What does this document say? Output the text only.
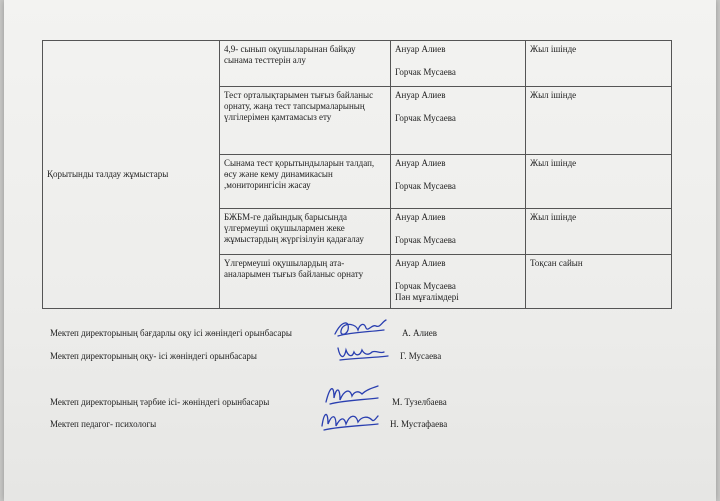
Қорытынды талдау жұмыстары	4,9- сынып оқушыларынан байқау сынама тесттерін алу	Ануар Алиев
Горчак Мусаева	Жыл ішінде
	Тест орталықтарымен тығыз байланыс орнату, жаңа тест тапсырмаларының үлгілерімен қамтамасыз ету	Ануар Алиев
Горчак Мусаева	Жыл ішінде
	Сынама тест қорытындыларын талдап, өсу және кему динамикасын ,мониторингісін жасау	Ануар Алиев
Горчак Мусаева	Жыл ішінде
	БЖБМ-ге дайындық барысында үлгермеуші оқушылармен жеке жұмыстардың жүргізілуін қадағалау	Ануар Алиев
Горчак Мусаева	Жыл ішінде
	Үлгермеуші оқушылардың ата-аналарымен тығыз байланыс орнату	Ануар Алиев
Горчак Мусаева
Пән мұғалімдері	Тоқсан сайын
Мектеп директорының бағдарлы оқу ісі жөніндегі орынбасары	А. Алиев
Мектеп директорының оқу- ісі жөніндегі орынбасары	Г. Мусаева
Мектеп директорының тәрбие ісі- жөніндегі орынбасары	М. Тузелбаева
Мектеп педагог- психологы	Н. Мустафаева
